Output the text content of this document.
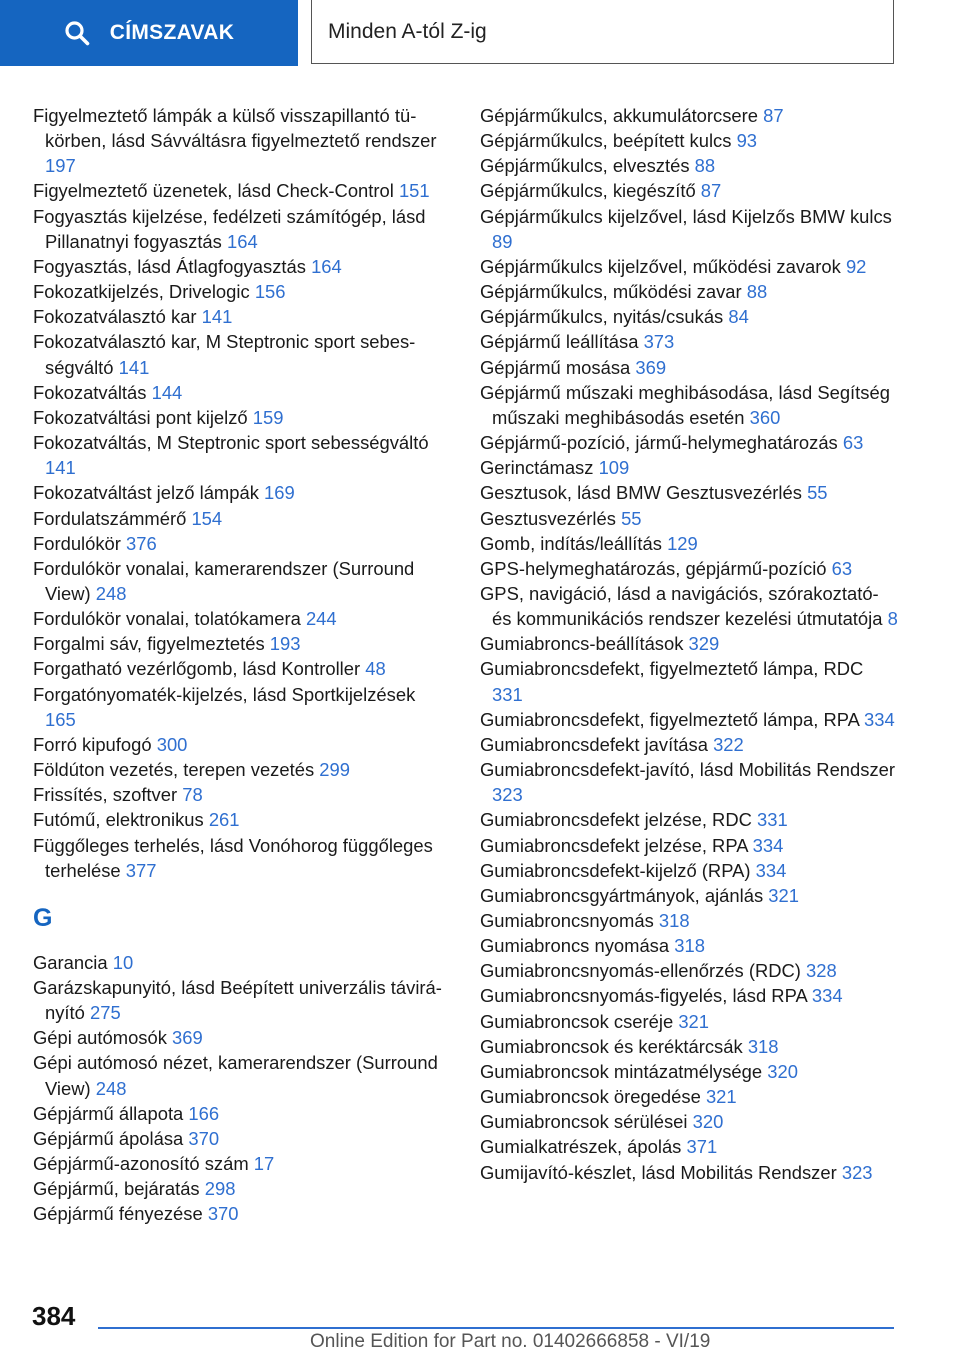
CÍMSZAVAK	Minden A-tól Z-ig
Figyelmeztető lámpák a külső visszapillantó tükörben, lásd Sávváltásra figyelmeztető rendszer 197
Figyelmeztető üzenetek, lásd Check-Control 151
Fogyasztás kijelzése, fedélzeti számítógép, lásd Pillanatnyi fogyasztás 164
Fogyasztás, lásd Átlagfogyasztás 164
Fokozatkijelzés, Drivelogic 156
Fokozatválasztó kar 141
Fokozatválasztó kar, M Steptronic sport sebességváltó 141
Fokozatváltás 144
Fokozatváltási pont kijelző 159
Fokozatváltás, M Steptronic sport sebességváltó 141
Fokozatváltást jelző lámpák 169
Fordulatszámmérő 154
Fordulókör 376
Fordulókör vonalai, kamerarendszer (Surround View) 248
Fordulókör vonalai, tolatókamera 244
Forgalmi sáv, figyelmeztetés 193
Forgatható vezérlőgomb, lásd Kontroller 48
Forgatónyomaték-kijelzés, lásd Sportkijelzések 165
Forró kipufogó 300
Földúton vezetés, terepen vezetés 299
Frissítés, szoftver 78
Futómű, elektronikus 261
Függőleges terhelés, lásd Vonóhorog függőleges terhelése 377
G
Garancia 10
Garázskapunyitó, lásd Beépített univerzális távirányító 275
Gépi autómosók 369
Gépi autómosó nézet, kamerarendszer (Surround View) 248
Gépjármű állapota 166
Gépjármű ápolása 370
Gépjármű-azonosító szám 17
Gépjármű, bejáratás 298
Gépjármű fényezése 370
Gépjárműkulcs, akkumulátorcsere 87
Gépjárműkulcs, beépített kulcs 93
Gépjárműkulcs, elvesztés 88
Gépjárműkulcs, kiegészítő 87
Gépjárműkulcs kijelzővel, lásd Kijelzős BMW kulcs 89
Gépjárműkulcs kijelzővel, működési zavarok 92
Gépjárműkulcs, működési zavar 88
Gépjárműkulcs, nyitás/csukás 84
Gépjármű leállítása 373
Gépjármű mosása 369
Gépjármű műszaki meghibásodása, lásd Segítség műszaki meghibásodás esetén 360
Gépjármű-pozíció, jármű-helymeghatározás 63
Gerinctámasz 109
Gesztusok, lásd BMW Gesztusvezérlés 55
Gesztusvezérlés 55
Gomb, indítás/leállítás 129
GPS-helymeghatározás, gépjármű-pozíció 63
GPS, navigáció, lásd a navigációs, szórakoztató- és kommunikációs rendszer kezelési útmutatója 8
Gumiabroncs-beállítások 329
Gumiabroncsdefekt, figyelmeztető lámpa, RDC 331
Gumiabroncsdefekt, figyelmeztető lámpa, RPA 334
Gumiabroncsdefekt javítása 322
Gumiabroncsdefekt-javító, lásd Mobilitás Rendszer 323
Gumiabroncsdefekt jelzése, RDC 331
Gumiabroncsdefekt jelzése, RPA 334
Gumiabroncsdefekt-kijelző (RPA) 334
Gumiabroncsgyártmányok, ajánlás 321
Gumiabroncsnyomás 318
Gumiabroncs nyomása 318
Gumiabroncsnyomás-ellenőrzés (RDC) 328
Gumiabroncsnyomás-figyelés, lásd RPA 334
Gumiabroncsok cseréje 321
Gumiabroncsok és keréktárcsák 318
Gumiabroncsok mintázatmélysége 320
Gumiabroncsok öregedése 321
Gumiabroncsok sérülései 320
Gumialkatrészek, ápolás 371
Gumijavító-készlet, lásd Mobilitás Rendszer 323
384
Online Edition for Part no. 01402666858 - VI/19
